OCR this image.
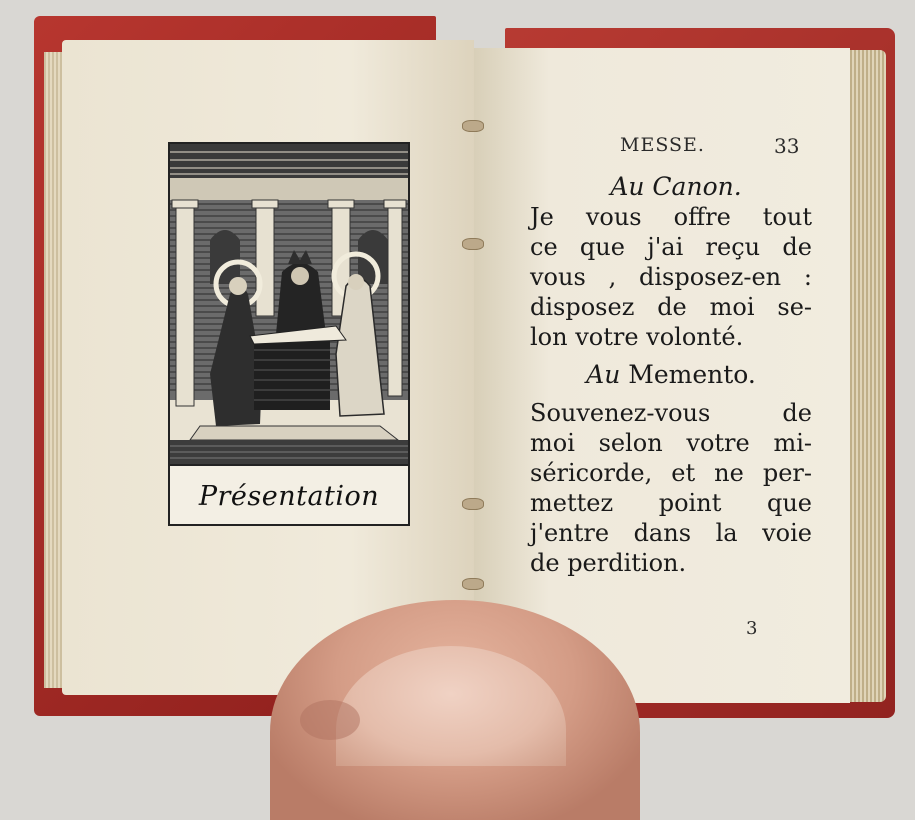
Présentation
MESSE.	33
Au Canon.
Je vous offre tout
ce que j'ai reçu de
vous , disposez-en :
disposez de moi se-
lon votre volonté.
Au Memento.
Souvenez-vous de
moi selon votre mi-
séricorde, et ne per-
mettez point que
j'entre dans la voie
de perdition.
3
